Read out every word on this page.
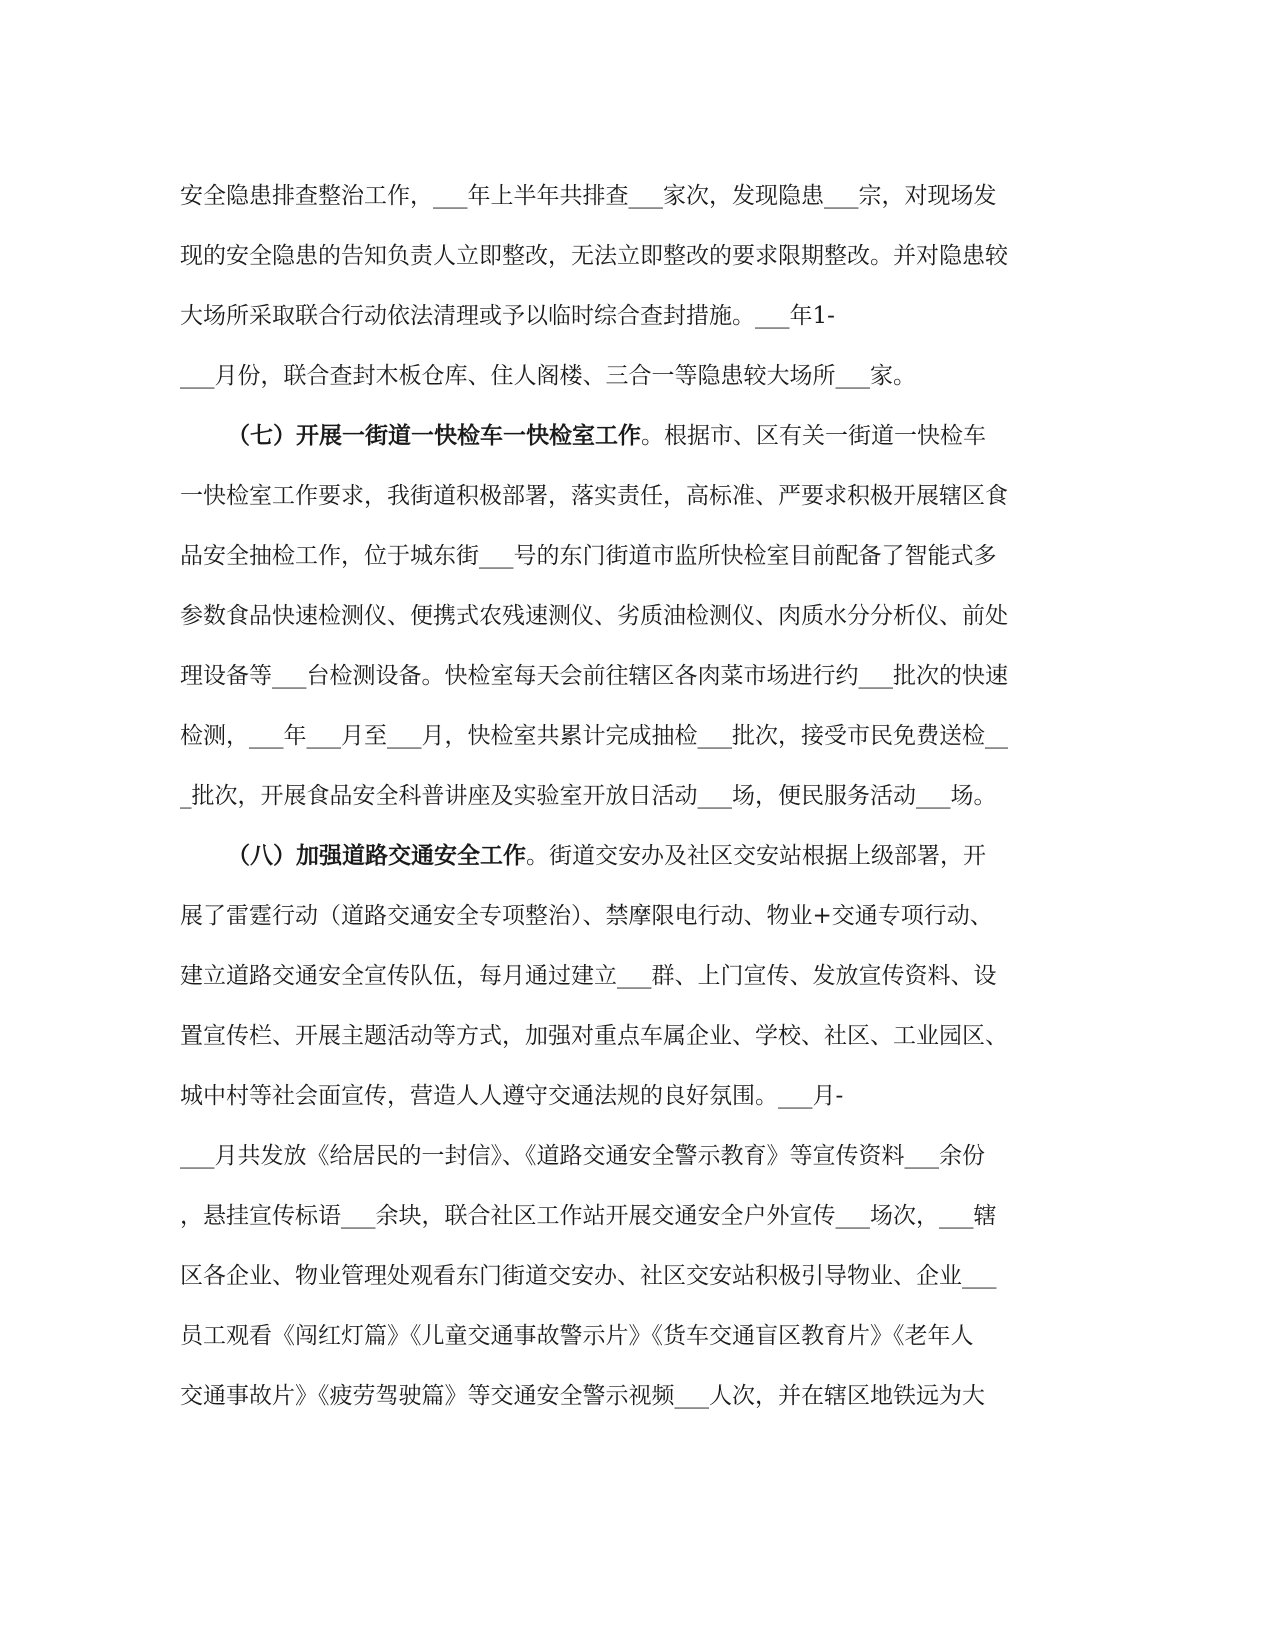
安全隐患排查整治工作，___年上半年共排查___家次，发现隐患___宗，对现场发
现的安全隐患的告知负责人立即整改，无法立即整改的要求限期整改。并对隐患较
大场所采取联合行动依法清理或予以临时综合查封措施。___年1-
___月份，联合查封木板仓库、住人阁楼、三合一等隐患较大场所___家。
（七）开展一街道一快检车一快检室工作。根据市、区有关一街道一快检车
一快检室工作要求，我街道积极部署，落实责任，高标准、严要求积极开展辖区食
品安全抽检工作，位于城东街___号的东门街道市监所快检室目前配备了智能式多
参数食品快速检测仪、便携式农残速测仪、劣质油检测仪、肉质水分分析仪、前处
理设备等___台检测设备。快检室每天会前往辖区各肉菜市场进行约___批次的快速
检测，___年___月至___月，快检室共累计完成抽检___批次，接受市民免费送检__
_批次，开展食品安全科普讲座及实验室开放日活动___场，便民服务活动___场。
（八）加强道路交通安全工作。街道交安办及社区交安站根据上级部署，开
展了雷霆行动（道路交通安全专项整治）、禁摩限电行动、物业+交通专项行动、
建立道路交通安全宣传队伍，每月通过建立___群、上门宣传、发放宣传资料、设
置宣传栏、开展主题活动等方式，加强对重点车属企业、学校、社区、工业园区、
城中村等社会面宣传，营造人人遵守交通法规的良好氛围。___月-
___月共发放《给居民的一封信》、《道路交通安全警示教育》等宣传资料___余份
，悬挂宣传标语___余块，联合社区工作站开展交通安全户外宣传___场次，___辖
区各企业、物业管理处观看东门街道交安办、社区交安站积极引导物业、企业___
员工观看《闯红灯篇》《儿童交通事故警示片》《货车交通盲区教育片》《老年人
交通事故片》《疲劳驾驶篇》等交通安全警示视频___人次，并在辖区地铁远为大
